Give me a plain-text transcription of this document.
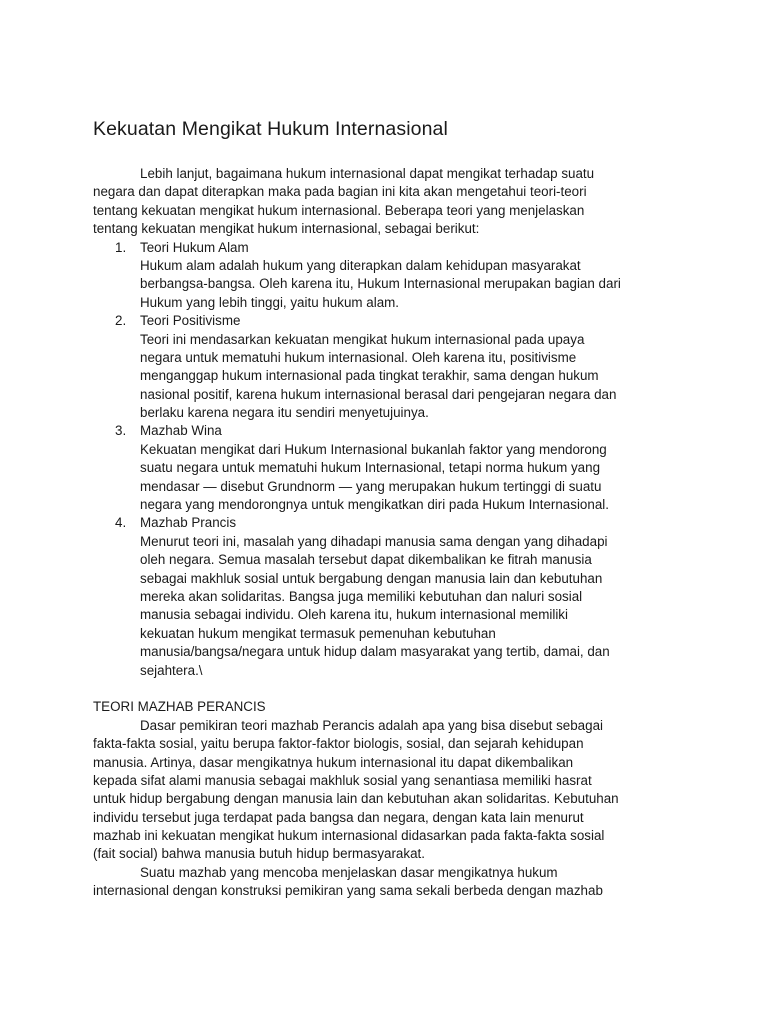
Kekuatan Mengikat Hukum Internasional
Lebih lanjut, bagaimana hukum internasional dapat mengikat terhadap suatu
negara dan dapat diterapkan maka pada bagian ini kita akan mengetahui teori-teori
tentang kekuatan mengikat hukum internasional. Beberapa teori yang menjelaskan
tentang kekuatan mengikat hukum internasional, sebagai berikut:
1. Teori Hukum Alam
Hukum alam adalah hukum yang diterapkan dalam kehidupan masyarakat
berbangsa-bangsa. Oleh karena itu, Hukum Internasional merupakan bagian dari
Hukum yang lebih tinggi, yaitu hukum alam.
2. Teori Positivisme
Teori ini mendasarkan kekuatan mengikat hukum internasional pada upaya
negara untuk mematuhi hukum internasional. Oleh karena itu, positivisme
menganggap hukum internasional pada tingkat terakhir, sama dengan hukum
nasional positif, karena hukum internasional berasal dari pengejaran negara dan
berlaku karena negara itu sendiri menyetujuinya.
3. Mazhab Wina
Kekuatan mengikat dari Hukum Internasional bukanlah faktor yang mendorong
suatu negara untuk mematuhi hukum Internasional, tetapi norma hukum yang
mendasar — disebut Grundnorm — yang merupakan hukum tertinggi di suatu
negara yang mendorongnya untuk mengikatkan diri pada Hukum Internasional.
4. Mazhab Prancis
Menurut teori ini, masalah yang dihadapi manusia sama dengan yang dihadapi
oleh negara. Semua masalah tersebut dapat dikembalikan ke fitrah manusia
sebagai makhluk sosial untuk bergabung dengan manusia lain dan kebutuhan
mereka akan solidaritas. Bangsa juga memiliki kebutuhan dan naluri sosial
manusia sebagai individu. Oleh karena itu, hukum internasional memiliki
kekuatan hukum mengikat termasuk pemenuhan kebutuhan
manusia/bangsa/negara untuk hidup dalam masyarakat yang tertib, damai, dan
sejahtera.\
TEORI MAZHAB PERANCIS
Dasar pemikiran teori mazhab Perancis adalah apa yang bisa disebut sebagai
fakta-fakta sosial, yaitu berupa faktor-faktor biologis, sosial, dan sejarah kehidupan
manusia. Artinya, dasar mengikatnya hukum internasional itu dapat dikembalikan
kepada sifat alami manusia sebagai makhluk sosial yang senantiasa memiliki hasrat
untuk hidup bergabung dengan manusia lain dan kebutuhan akan solidaritas. Kebutuhan
individu tersebut juga terdapat pada bangsa dan negara, dengan kata lain menurut
mazhab ini kekuatan mengikat hukum internasional didasarkan pada fakta-fakta sosial
(fait social) bahwa manusia butuh hidup bermasyarakat.
Suatu mazhab yang mencoba menjelaskan dasar mengikatnya hukum
internasional dengan konstruksi pemikiran yang sama sekali berbeda dengan mazhab
